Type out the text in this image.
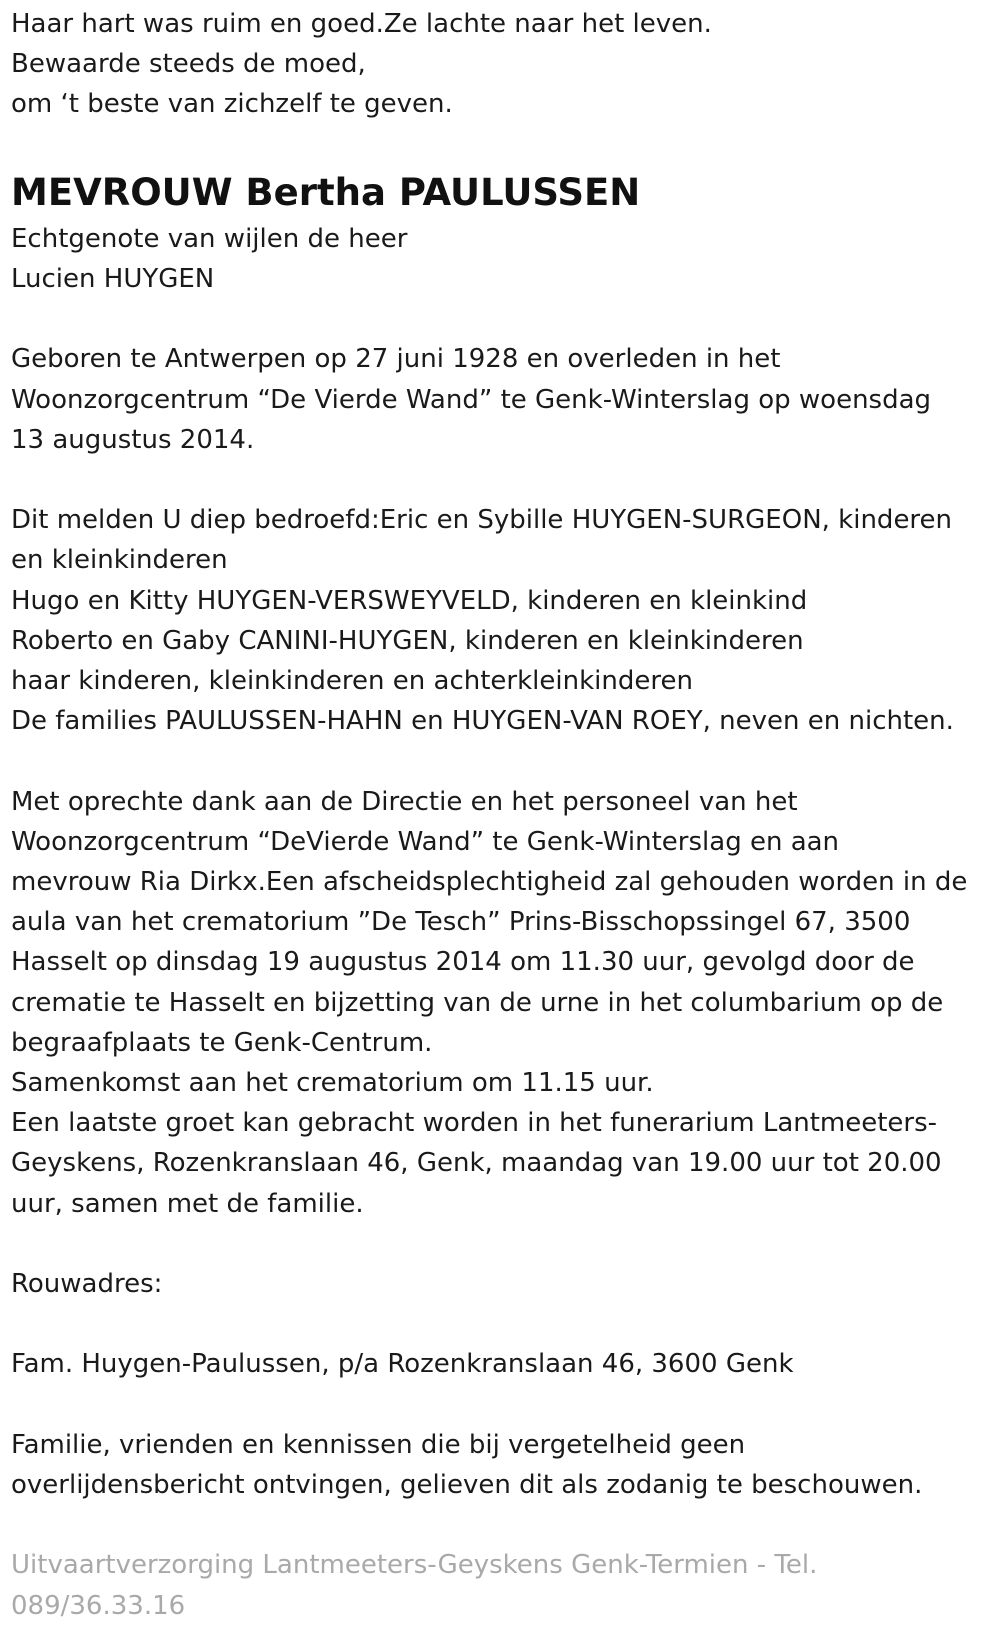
Haar hart was ruim en goed.Ze lachte naar het leven.
Bewaarde steeds de moed,
om ‘t beste van zichzelf te geven.
MEVROUW Bertha PAULUSSEN
Echtgenote van wijlen de heer
Lucien HUYGEN
Geboren te Antwerpen op 27 juni 1928 en overleden in het
Woonzorgcentrum “De Vierde Wand” te Genk-Winterslag op woensdag
13 augustus 2014.
Dit melden U diep bedroefd:Eric en Sybille HUYGEN-SURGEON, kinderen
en kleinkinderen
Hugo en Kitty HUYGEN-VERSWEYVELD, kinderen en kleinkind
Roberto en Gaby CANINI-HUYGEN, kinderen en kleinkinderen
haar kinderen, kleinkinderen en achterkleinkinderen
De families PAULUSSEN-HAHN en HUYGEN-VAN ROEY, neven en nichten.
Met oprechte dank aan de Directie en het personeel van het
Woonzorgcentrum “DeVierde Wand” te Genk-Winterslag en aan
mevrouw Ria Dirkx.Een afscheidsplechtigheid zal gehouden worden in de
aula van het crematorium ”De Tesch” Prins-Bisschopssingel 67, 3500
Hasselt op dinsdag 19 augustus 2014 om 11.30 uur, gevolgd door de
crematie te Hasselt en bijzetting van de urne in het columbarium op de
begraafplaats te Genk-Centrum.
Samenkomst aan het crematorium om 11.15 uur.
Een laatste groet kan gebracht worden in het funerarium Lantmeeters-
Geyskens, Rozenkranslaan 46, Genk, maandag van 19.00 uur tot 20.00
uur, samen met de familie.
Rouwadres:
Fam. Huygen-Paulussen, p/a Rozenkranslaan 46, 3600 Genk
Familie, vrienden en kennissen die bij vergetelheid geen
overlijdensbericht ontvingen, gelieven dit als zodanig te beschouwen.
Uitvaartverzorging Lantmeeters-Geyskens Genk-Termien - Tel.
089/36.33.16
